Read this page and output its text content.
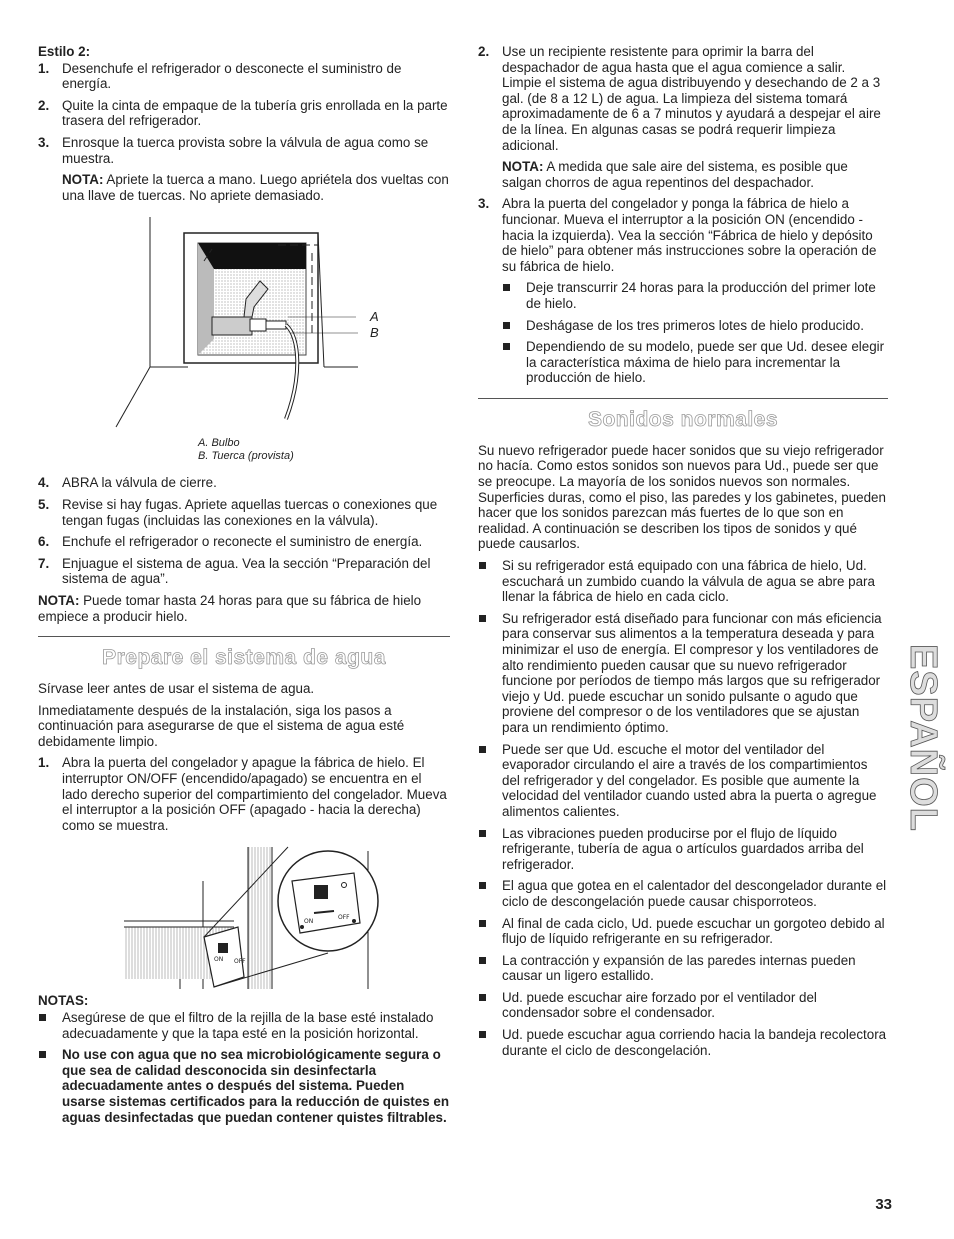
Estilo 2:

1. Desenchufe el refrigerador o desconecte el suministro de energía.
2. Quite la cinta de empaque de la tubería gris enrollada en la parte trasera del refrigerador.
3. Enrosque la tuerca provista sobre la válvula de agua como se muestra.

NOTA: Apriete la tuerca a mano. Luego apriétela dos vueltas con una llave de tuercas. No apriete demasiado.

A
B
A. Bulbo
B. Tuerca (provista)
4. ABRA la válvula de cierre.
5. Revise si hay fugas. Apriete aquellas tuercas o conexiones que tengan fugas (incluidas las conexiones en la válvula).
6. Enchufe el refrigerador o reconecte el suministro de energía.
7. Enjuague el sistema de agua. Vea la sección “Preparación del sistema de agua”.

NOTA: Puede tomar hasta 24 horas para que su fábrica de hielo empiece a producir hielo.

Prepare el sistema de agua

Sírvase leer antes de usar el sistema de agua.

Inmediatamente después de la instalación, siga los pasos a continuación para asegurarse de que el sistema de agua esté debidamente limpio.

1. Abra la puerta del congelador y apague la fábrica de hielo. El interruptor ON/OFF (encendido/apagado) se encuentra en el lado derecho superior del compartimiento del congelador. Mueva el interruptor a la posición OFF (apagado - hacia la derecha) como se muestra.
ON OFF
ON
OFF

NOTAS:

Asegúrese de que el filtro de la rejilla de la base esté instalado adecuadamente y que la tapa esté en la posición horizontal.
No use con agua que no sea microbiológicamente segura o que sea de calidad desconocida sin desinfectarla adecuadamente antes o después del sistema. Pueden usarse sistemas certificados para la reducción de quistes en aguas desinfectadas que puedan contener quistes filtrables.
2. Use un recipiente resistente para oprimir la barra del despachador de agua hasta que el agua comience a salir. Limpie el sistema de agua distribuyendo y desechando de 2 a 3 gal. (de 8 a 12 L) de agua. La limpieza del sistema tomará aproximadamente de 6 a 7 minutos y ayudará a despejar el aire de la línea. En algunas casas se podrá requerir limpieza adicional.

NOTA: A medida que sale aire del sistema, es posible que salgan chorros de agua repentinos del despachador.

3. Abra la puerta del congelador y ponga la fábrica de hielo a funcionar. Mueva el interruptor a la posición ON (encendido - hacia la izquierda). Vea la sección “Fábrica de hielo y depósito de hielo” para obtener más instrucciones sobre la operación de su fábrica de hielo.
Deje transcurrir 24 horas para la producción del primer lote de hielo.
Deshágase de los tres primeros lotes de hielo producido.
Dependiendo de su modelo, puede ser que Ud. desee elegir la característica máxima de hielo para incrementar la producción de hielo.
Sonidos normales

Su nuevo refrigerador puede hacer sonidos que su viejo refrigerador no hacía. Como estos sonidos son nuevos para Ud., puede ser que se preocupe. La mayoría de los sonidos nuevos son normales. Superficies duras, como el piso, las paredes y los gabinetes, pueden hacer que los sonidos parezcan más fuertes de lo que son en realidad. A continuación se describen los tipos de sonidos y qué puede causarlos.

Si su refrigerador está equipado con una fábrica de hielo, Ud. escuchará un zumbido cuando la válvula de agua se abre para llenar la fábrica de hielo en cada ciclo.
Su refrigerador está diseñado para funcionar con más eficiencia para conservar sus alimentos a la temperatura deseada y para minimizar el uso de energía. El compresor y los ventiladores de alto rendimiento pueden causar que su nuevo refrigerador funcione por períodos de tiempo más largos que su refrigerador viejo y Ud. puede escuchar un sonido pulsante o agudo que proviene del compresor o de los ventiladores que se ajustan para un rendimiento óptimo.
Puede ser que Ud. escuche el motor del ventilador del evaporador circulando el aire a través de los compartimientos del refrigerador y del congelador. Es posible que aumente la velocidad del ventilador cuando usted abra la puerta o agregue alimentos calientes.
Las vibraciones pueden producirse por el flujo de líquido refrigerante, tubería de agua o artículos guardados arriba del refrigerador.
El agua que gotea en el calentador del descongelador durante el ciclo de descongelación puede causar chisporroteos.
Al final de cada ciclo, Ud. puede escuchar un gorgoteo debido al flujo de líquido refrigerante en su refrigerador.
La contracción y expansión de las paredes internas pueden causar un ligero estallido.
Ud. puede escuchar aire forzado por el ventilador del condensador sobre el condensador.
Ud. puede escuchar agua corriendo hacia la bandeja recolectora durante el ciclo de descongelación.
ESPAÑOL
33
